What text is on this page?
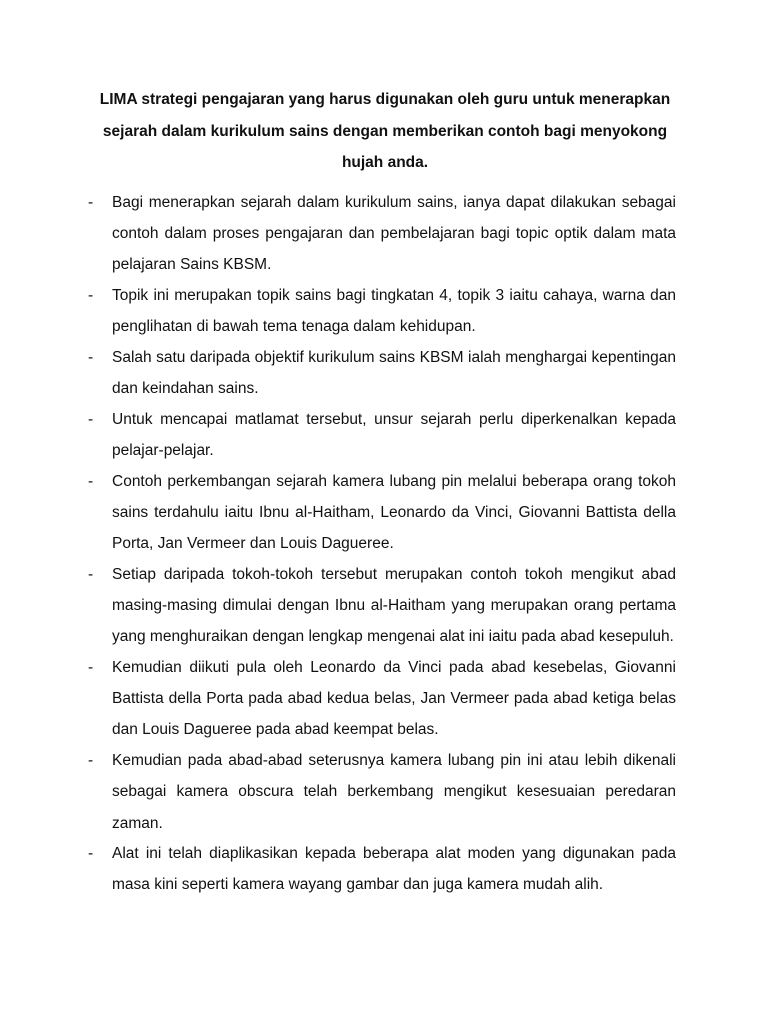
LIMA strategi pengajaran yang harus digunakan oleh guru untuk menerapkan sejarah dalam kurikulum sains dengan memberikan contoh bagi menyokong hujah anda.
-	Bagi menerapkan sejarah dalam kurikulum sains, ianya dapat dilakukan sebagai contoh dalam proses pengajaran dan pembelajaran bagi topic optik dalam mata pelajaran Sains KBSM.
-	Topik ini merupakan topik sains bagi tingkatan 4, topik 3 iaitu cahaya, warna dan penglihatan di bawah tema tenaga dalam kehidupan.
-	Salah satu daripada objektif kurikulum sains KBSM ialah menghargai kepentingan dan keindahan sains.
-	Untuk mencapai matlamat tersebut, unsur sejarah perlu diperkenalkan kepada pelajar-pelajar.
-	Contoh perkembangan sejarah kamera lubang pin melalui beberapa orang tokoh sains terdahulu iaitu Ibnu al-Haitham, Leonardo da Vinci, Giovanni Battista della Porta, Jan Vermeer dan Louis Daguerее.
-	Setiap daripada tokoh-tokoh tersebut merupakan contoh tokoh mengikut abad masing-masing dimulai dengan Ibnu al-Haitham yang merupakan orang pertama yang menghuraikan dengan lengkap mengenai alat ini iaitu pada abad kesepuluh.
-	Kemudian diikuti pula oleh Leonardo da Vinci pada abad kesebelas, Giovanni Battista della Porta pada abad kedua belas, Jan Vermeer pada abad ketiga belas dan Louis Daguerее pada abad keempat belas.
-	Kemudian pada abad-abad seterusnya kamera lubang pin ini atau lebih dikenali sebagai kamera obscura telah berkembang mengikut kesesuaian peredaran zaman.
-	Alat ini telah diaplikasikan kepada beberapa alat moden yang digunakan pada masa kini seperti kamera wayang gambar dan juga kamera mudah alih.
